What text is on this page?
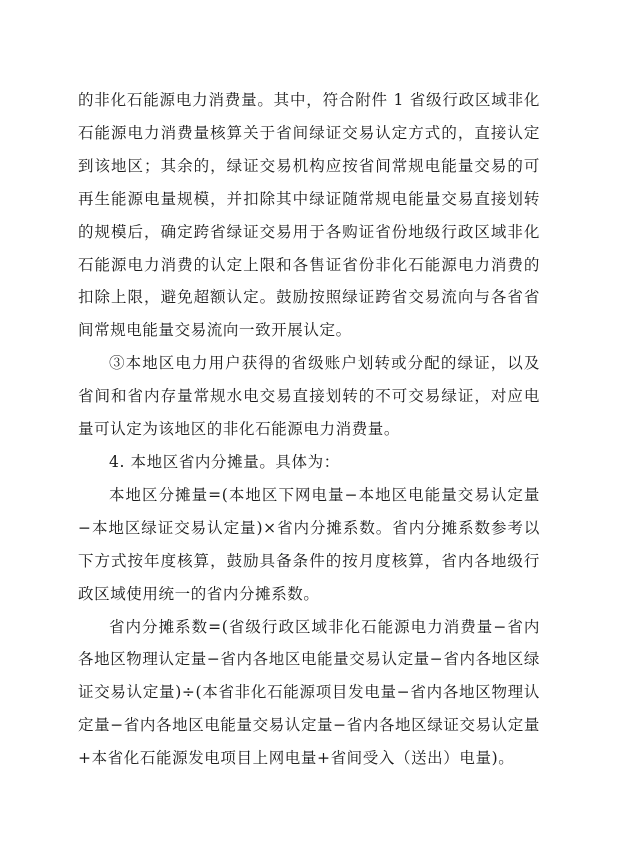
的非化石能源电力消费量。其中，符合附件 1 省级行政区域非化石能源电力消费量核算关于省间绿证交易认定方式的，直接认定到该地区；其余的，绿证交易机构应按省间常规电能量交易的可再生能源电量规模，并扣除其中绿证随常规电能量交易直接划转的规模后，确定跨省绿证交易用于各购证省份地级行政区域非化石能源电力消费的认定上限和各售证省份非化石能源电力消费的扣除上限，避免超额认定。鼓励按照绿证跨省交易流向与各省省间常规电能量交易流向一致开展认定。

③本地区电力用户获得的省级账户划转或分配的绿证，以及省间和省内存量常规水电交易直接划转的不可交易绿证，对应电量可认定为该地区的非化石能源电力消费量。

4. 本地区省内分摊量。具体为：

本地区分摊量=(本地区下网电量−本地区电能量交易认定量−本地区绿证交易认定量)×省内分摊系数。省内分摊系数参考以下方式按年度核算，鼓励具备条件的按月度核算，省内各地级行政区域使用统一的省内分摊系数。

省内分摊系数=(省级行政区域非化石能源电力消费量−省内各地区物理认定量−省内各地区电能量交易认定量−省内各地区绿证交易认定量)÷(本省非化石能源项目发电量−省内各地区物理认定量−省内各地区电能量交易认定量−省内各地区绿证交易认定量+本省化石能源发电项目上网电量+省间受入（送出）电量)。
